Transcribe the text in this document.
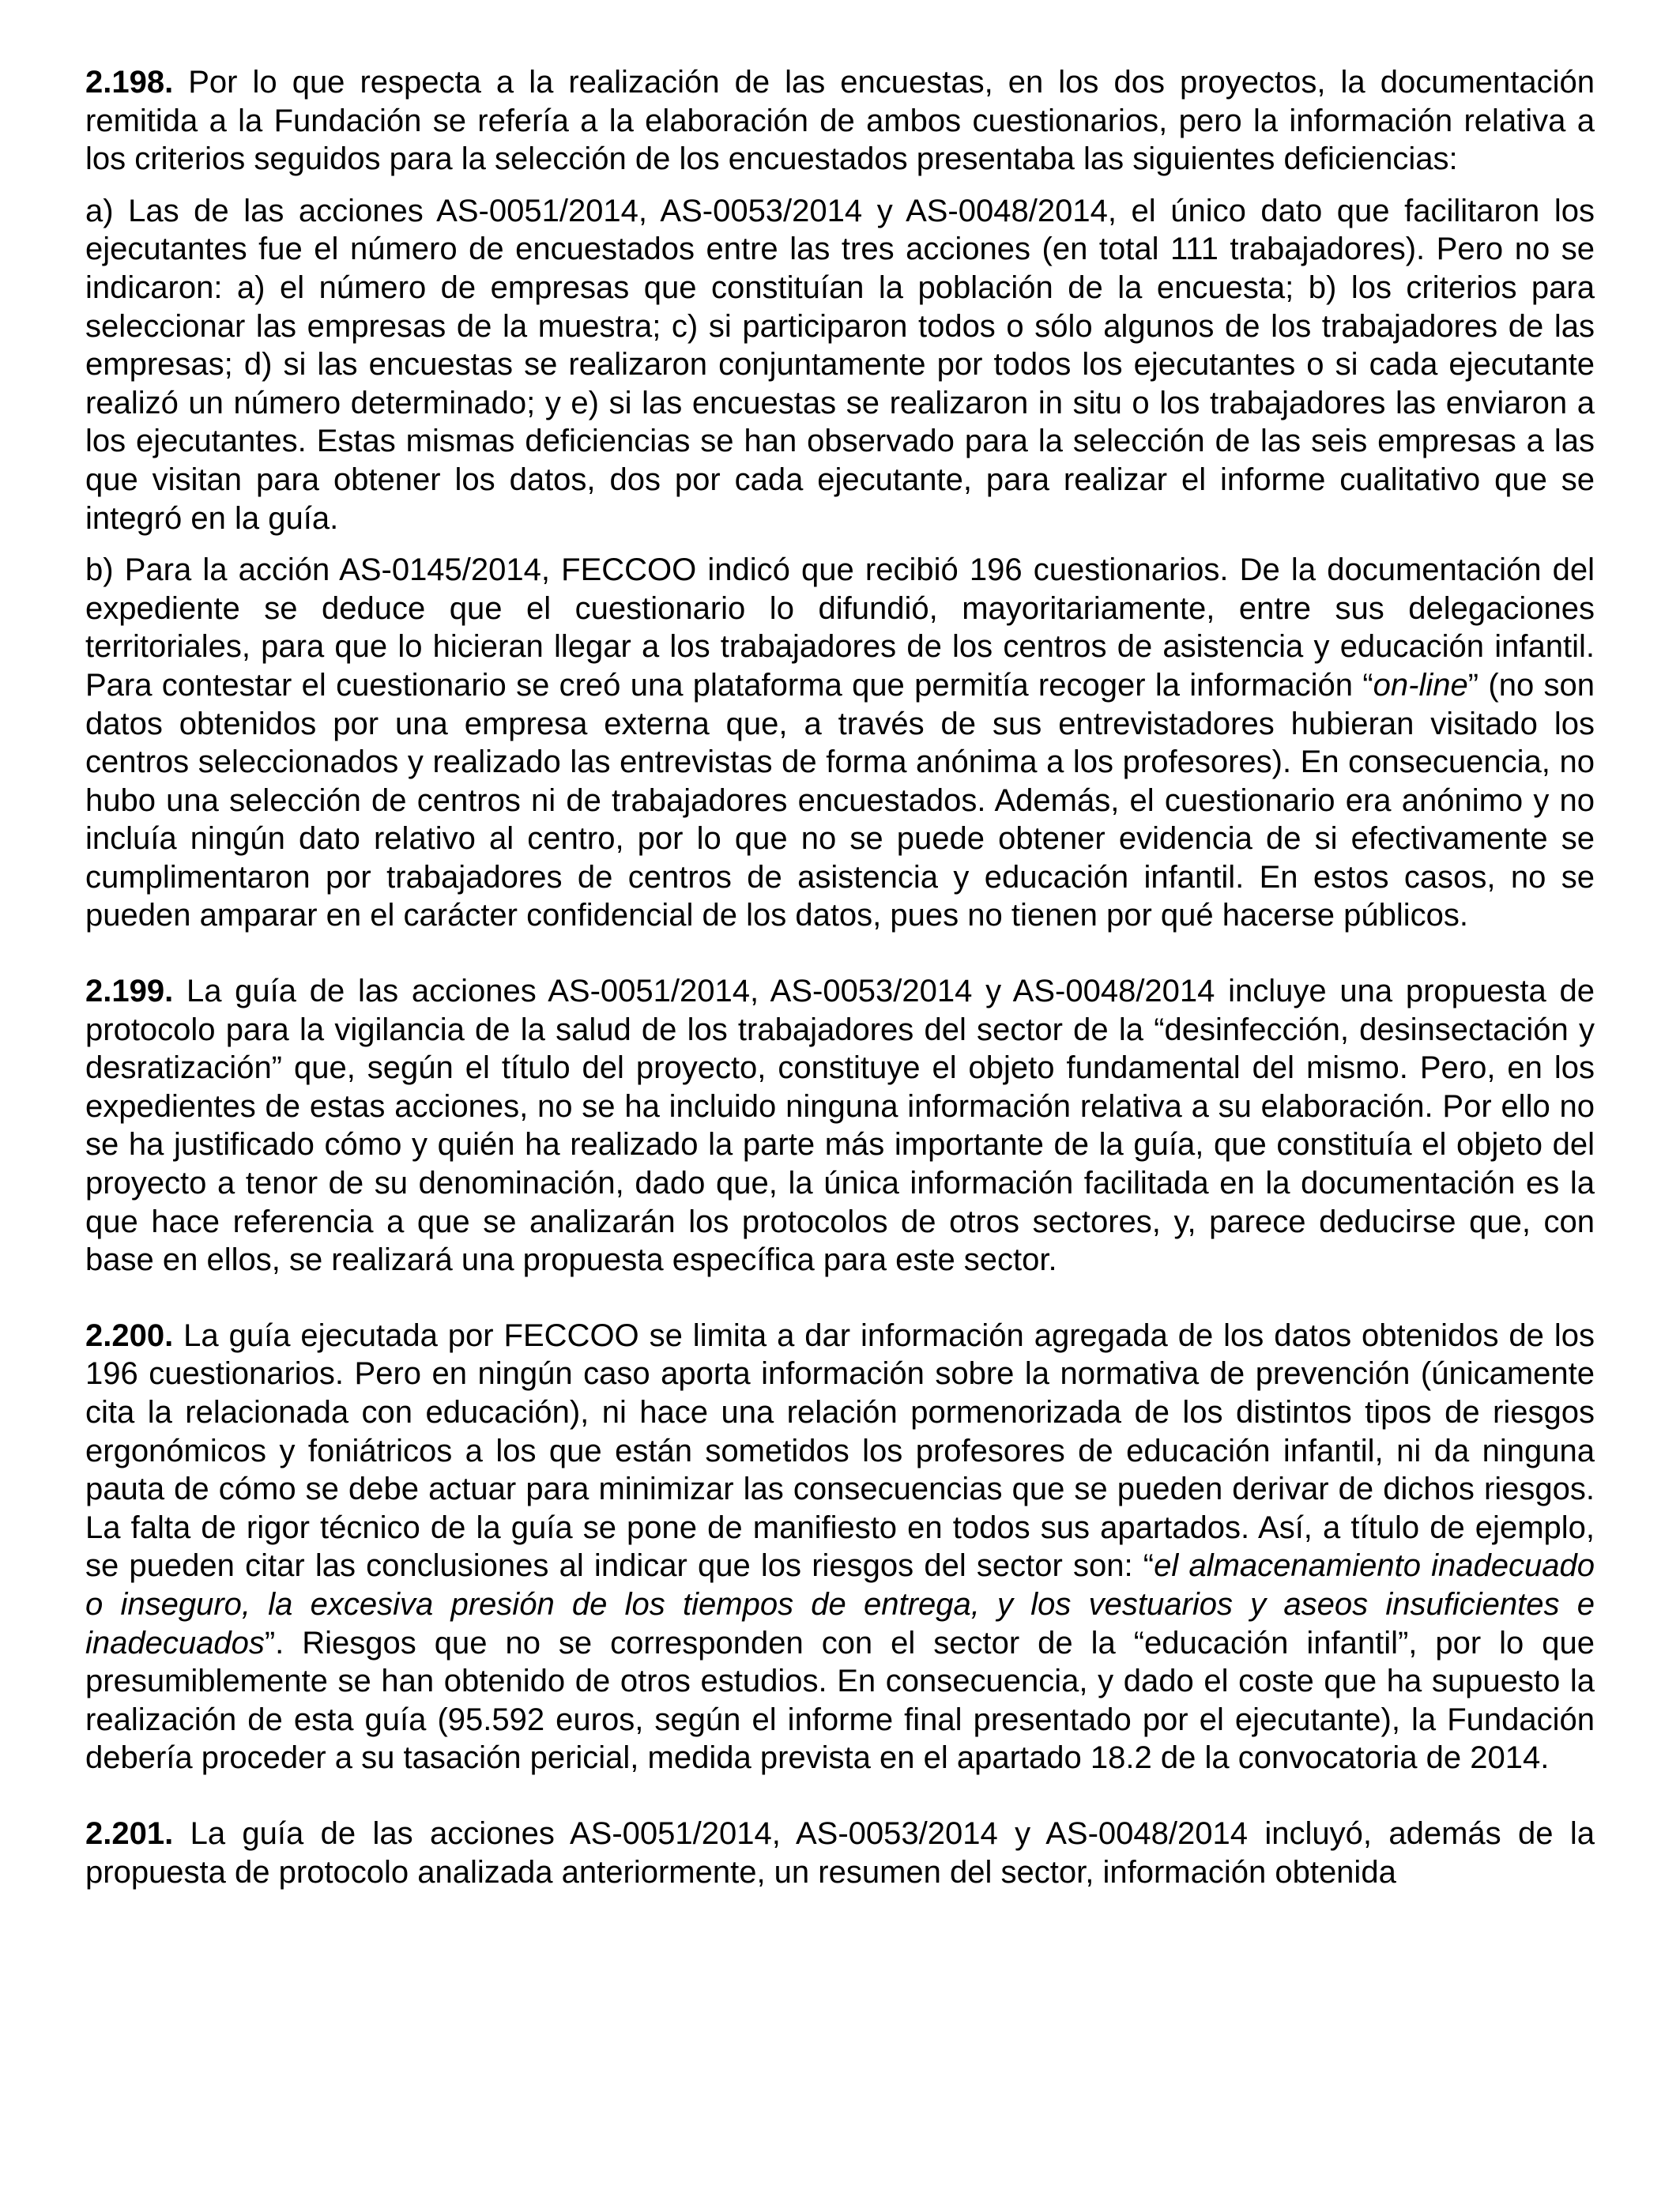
2.198. Por lo que respecta a la realización de las encuestas, en los dos proyectos, la documentación remitida a la Fundación se refería a la elaboración de ambos cuestionarios, pero la información relativa a los criterios seguidos para la selección de los encuestados presentaba las siguientes deficiencias:

a) Las de las acciones AS-0051/2014, AS-0053/2014 y AS-0048/2014, el único dato que facilitaron los ejecutantes fue el número de encuestados entre las tres acciones (en total 111 trabajadores). Pero no se indicaron: a) el número de empresas que constituían la población de la encuesta; b) los criterios para seleccionar las empresas de la muestra; c) si participaron todos o sólo algunos de los trabajadores de las empresas; d) si las encuestas se realizaron conjuntamente por todos los ejecutantes o si cada ejecutante realizó un número determinado; y e) si las encuestas se realizaron in situ o los trabajadores las enviaron a los ejecutantes. Estas mismas deficiencias se han observado para la selección de las seis empresas a las que visitan para obtener los datos, dos por cada ejecutante, para realizar el informe cualitativo que se integró en la guía.

b) Para la acción AS-0145/2014, FECCOO indicó que recibió 196 cuestionarios. De la documentación del expediente se deduce que el cuestionario lo difundió, mayoritariamente, entre sus delegaciones territoriales, para que lo hicieran llegar a los trabajadores de los centros de asistencia y educación infantil. Para contestar el cuestionario se creó una plataforma que permitía recoger la información “on-line” (no son datos obtenidos por una empresa externa que, a través de sus entrevistadores hubieran visitado los centros seleccionados y realizado las entrevistas de forma anónima a los profesores). En consecuencia, no hubo una selección de centros ni de trabajadores encuestados. Además, el cuestionario era anónimo y no incluía ningún dato relativo al centro, por lo que no se puede obtener evidencia de si efectivamente se cumplimentaron por trabajadores de centros de asistencia y educación infantil. En estos casos, no se pueden amparar en el carácter confidencial de los datos, pues no tienen por qué hacerse públicos.

2.199. La guía de las acciones AS-0051/2014, AS-0053/2014 y AS-0048/2014 incluye una propuesta de protocolo para la vigilancia de la salud de los trabajadores del sector de la “desinfección, desinsectación y desratización” que, según el título del proyecto, constituye el objeto fundamental del mismo. Pero, en los expedientes de estas acciones, no se ha incluido ninguna información relativa a su elaboración. Por ello no se ha justificado cómo y quién ha realizado la parte más importante de la guía, que constituía el objeto del proyecto a tenor de su denominación, dado que, la única información facilitada en la documentación es la que hace referencia a que se analizarán los protocolos de otros sectores, y, parece deducirse que, con base en ellos, se realizará una propuesta específica para este sector.

2.200. La guía ejecutada por FECCOO se limita a dar información agregada de los datos obtenidos de los 196 cuestionarios. Pero en ningún caso aporta información sobre la normativa de prevención (únicamente cita la relacionada con educación), ni hace una relación pormenorizada de los distintos tipos de riesgos ergonómicos y foniátricos a los que están sometidos los profesores de educación infantil, ni da ninguna pauta de cómo se debe actuar para minimizar las consecuencias que se pueden derivar de dichos riesgos. La falta de rigor técnico de la guía se pone de manifiesto en todos sus apartados. Así, a título de ejemplo, se pueden citar las conclusiones al indicar que los riesgos del sector son: “el almacenamiento inadecuado o inseguro, la excesiva presión de los tiempos de entrega, y los vestuarios y aseos insuficientes e inadecuados”. Riesgos que no se corresponden con el sector de la “educación infantil”, por lo que presumiblemente se han obtenido de otros estudios. En consecuencia, y dado el coste que ha supuesto la realización de esta guía (95.592 euros, según el informe final presentado por el ejecutante), la Fundación debería proceder a su tasación pericial, medida prevista en el apartado 18.2 de la convocatoria de 2014.

2.201. La guía de las acciones AS-0051/2014, AS-0053/2014 y AS-0048/2014 incluyó, además de la propuesta de protocolo analizada anteriormente, un resumen del sector, información obtenida
